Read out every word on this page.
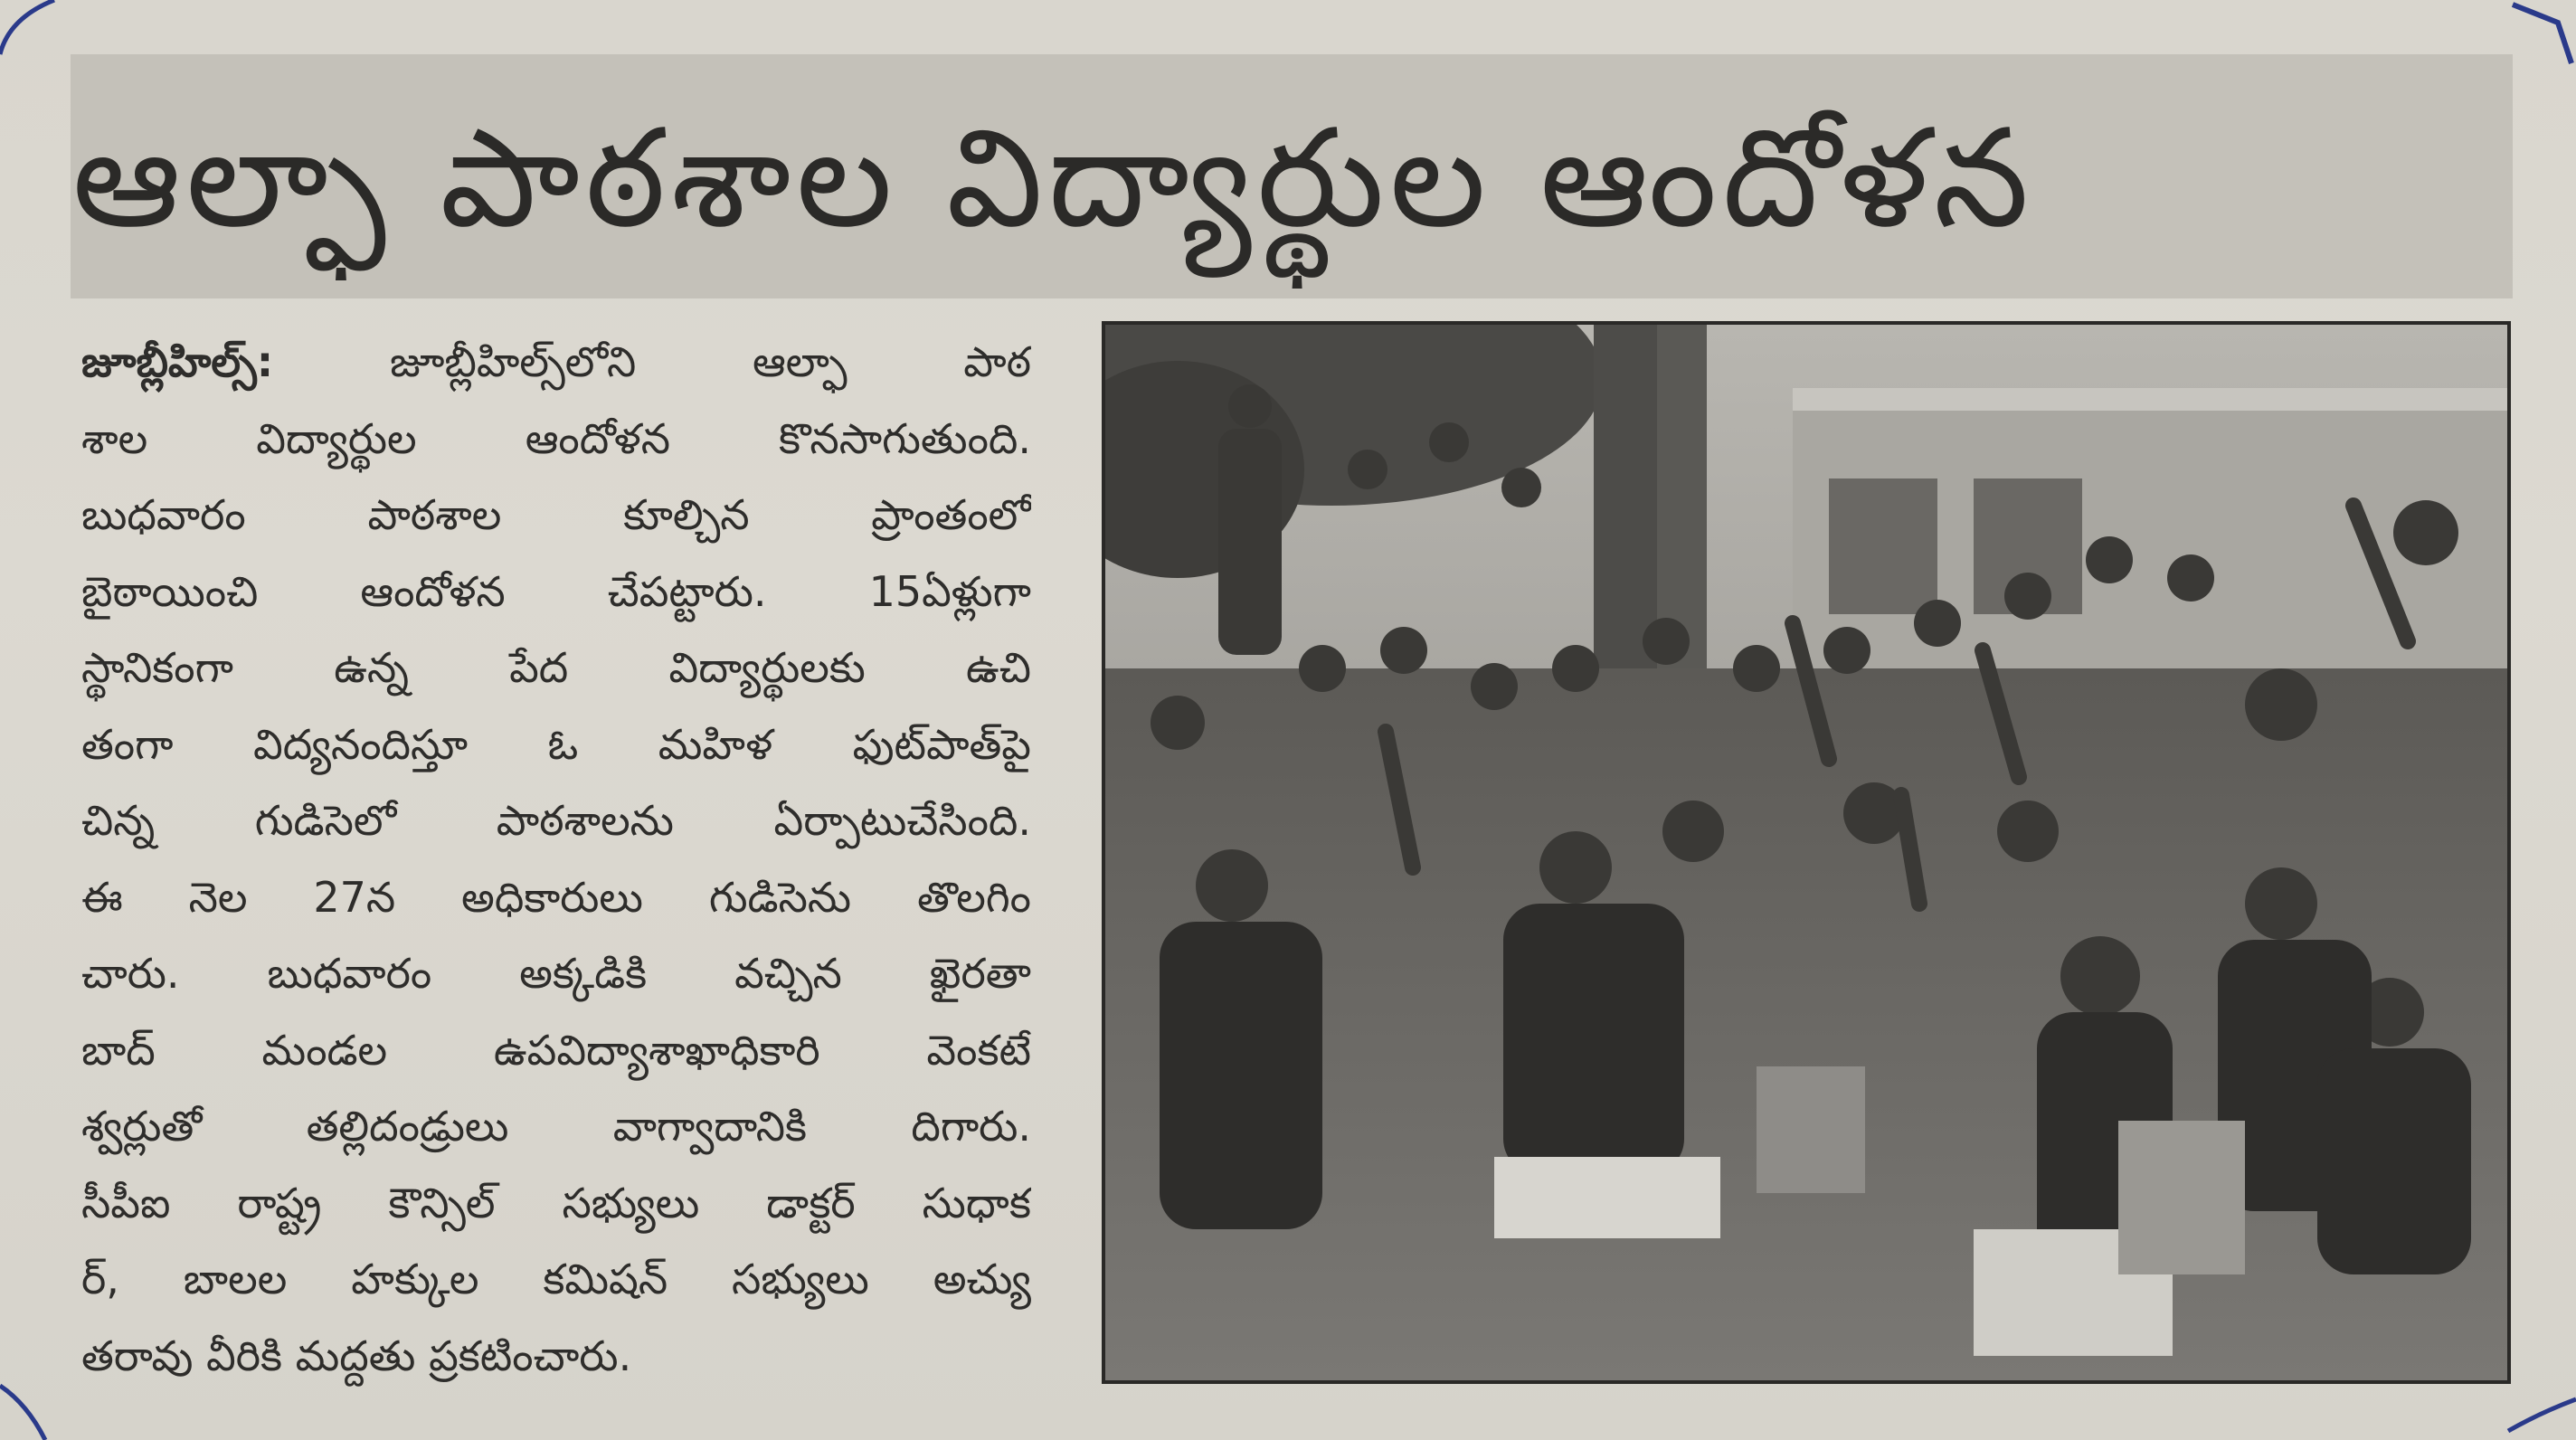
ఆల్ఫా పాఠశాల విద్యార్థుల ఆందోళన
జూబ్లీహిల్స్:	జూబ్లీహిల్స్‌లోని ఆల్ఫా పాఠ
శాల విద్యార్థుల ఆందోళన కొనసాగుతుంది.
బుధవారం పాఠశాల కూల్చిన ప్రాంతంలో
బైఠాయించి ఆందోళన చేపట్టారు. 15ఏళ్లుగా
స్థానికంగా ఉన్న పేద విద్యార్థులకు ఉచి
తంగా విద్యనందిస్తూ ఓ మహిళ ఫుట్‌పాత్‌పై
చిన్న గుడిసెలో పాఠశాలను ఏర్పాటుచేసింది.
ఈ నెల 27న అధికారులు గుడిసెను తొలగిం
చారు. బుధవారం అక్కడికి వచ్చిన ఖైరతా
బాద్ మండల ఉపవిద్యాశాఖాధికారి వెంకటే
శ్వర్లుతో తల్లిదండ్రులు వాగ్వాదానికి దిగారు.
సీపీఐ రాష్ట్ర కౌన్సిల్ సభ్యులు డాక్టర్ సుధాక
ర్, బాలల హక్కుల కమిషన్ సభ్యులు అచ్యు
తరావు వీరికి మద్దతు ప్రకటించారు.
